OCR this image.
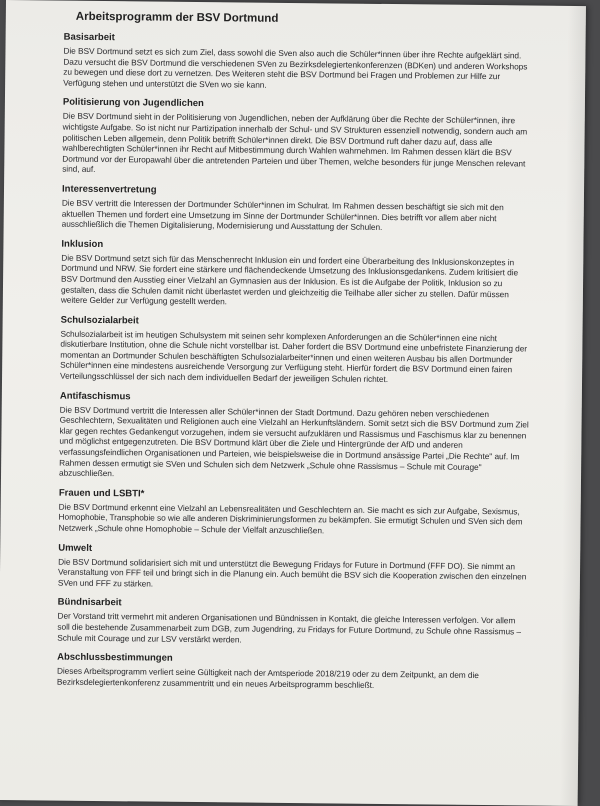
Arbeitsprogramm der BSV Dortmund
Basisarbeit

Die BSV Dortmund setzt es sich zum Ziel, dass sowohl die Sven also auch die Schüler*innen über ihre Rechte aufgeklärt sind. Dazu versucht die BSV Dortmund die verschiedenen SVen zu Bezirksdelegiertenkonferenzen (BDKen) und anderen Workshops zu bewegen und diese dort zu vernetzen. Des Weiteren steht die BSV Dortmund bei Fragen und Problemen zur Hilfe zur Verfügung stehen und unterstützt die SVen wo sie kann.

Politisierung von Jugendlichen

Die BSV Dortmund sieht in der Politisierung von Jugendlichen, neben der Aufklärung über die Rechte der Schüler*innen, ihre wichtigste Aufgabe. So ist nicht nur Partizipation innerhalb der Schul- und SV Strukturen essenziell notwendig, sondern auch am politischen Leben allgemein, denn Politik betrifft Schüler*innen direkt. Die BSV Dortmund ruft daher dazu auf, dass alle wahlberechtigten Schüler*innen ihr Recht auf Mitbestimmung durch Wahlen wahrnehmen. Im Rahmen dessen klärt die BSV Dortmund vor der Europawahl über die antretenden Parteien und über Themen, welche besonders für junge Menschen relevant sind, auf.

Interessenvertretung

Die BSV vertritt die Interessen der Dortmunder Schüler*innen im Schulrat. Im Rahmen dessen beschäftigt sie sich mit den aktuellen Themen und fordert eine Umsetzung im Sinne der Dortmunder Schüler*innen. Dies betrifft vor allem aber nicht ausschließlich die Themen Digitalisierung, Modernisierung und Ausstattung der Schulen.

Inklusion

Die BSV Dortmund setzt sich für das Menschenrecht Inklusion ein und fordert eine Überarbeitung des Inklusionskonzeptes in Dortmund und NRW. Sie fordert eine stärkere und flächendeckende Umsetzung des Inklusionsgedankens. Zudem kritisiert die BSV Dortmund den Ausstieg einer Vielzahl an Gymnasien aus der Inklusion. Es ist die Aufgabe der Politik, Inklusion so zu gestalten, dass die Schulen damit nicht überlastet werden und gleichzeitig die Teilhabe aller sicher zu stellen. Dafür müssen weitere Gelder zur Verfügung gestellt werden.

Schulsozialarbeit

Schulsozialarbeit ist im heutigen Schulsystem mit seinen sehr komplexen Anforderungen an die Schüler*innen eine nicht diskutierbare Institution, ohne die Schule nicht vorstellbar ist. Daher fordert die BSV Dortmund eine unbefristete Finanzierung der momentan an Dortmunder Schulen beschäftigten Schulsozialarbeiter*innen und einen weiteren Ausbau bis allen Dortmunder Schüler*innen eine mindestens ausreichende Versorgung zur Verfügung steht. Hierfür fordert die BSV Dortmund einen fairen Verteilungsschlüssel der sich nach dem individuellen Bedarf der jeweiligen Schulen richtet.

Antifaschismus

Die BSV Dortmund vertritt die Interessen aller Schüler*innen der Stadt Dortmund. Dazu gehören neben verschiedenen Geschlechtern, Sexualitäten und Religionen auch eine Vielzahl an Herkunftsländern. Somit setzt sich die BSV Dortmund zum Ziel klar gegen rechtes Gedankengut vorzugehen, indem sie versucht aufzuklären und Rassismus und Faschismus klar zu benennen und möglichst entgegenzutreten. Die BSV Dortmund klärt über die Ziele und Hintergründe der AfD und anderen verfassungsfeindlichen Organisationen und Parteien, wie beispielsweise die in Dortmund ansässige Partei „Die Rechte" auf. Im Rahmen dessen ermutigt sie SVen und Schulen sich dem Netzwerk „Schule ohne Rassismus – Schule mit Courage" abzuschließen.

Frauen und LSBTI*

Die BSV Dortmund erkennt eine Vielzahl an Lebensrealitäten und Geschlechtern an. Sie macht es sich zur Aufgabe, Sexismus, Homophobie, Transphobie so wie alle anderen Diskriminierungsformen zu bekämpfen. Sie ermutigt Schulen und SVen sich dem Netzwerk „Schule ohne Homophobie – Schule der Vielfalt anzuschließen.

Umwelt

Die BSV Dortmund solidarisiert sich mit und unterstützt die Bewegung Fridays for Future in Dortmund (FFF DO). Sie nimmt an Veranstaltung von FFF teil und bringt sich in die Planung ein. Auch bemüht die BSV sich die Kooperation zwischen den einzelnen SVen und FFF zu stärken.

Bündnisarbeit

Der Vorstand tritt vermehrt mit anderen Organisationen und Bündnissen in Kontakt, die gleiche Interessen verfolgen. Vor allem soll die bestehende Zusammenarbeit zum DGB, zum Jugendring, zu Fridays for Future Dortmund, zu Schule ohne Rassismus – Schule mit Courage und zur LSV verstärkt werden.

Abschlussbestimmungen

Dieses Arbeitsprogramm verliert seine Gültigkeit nach der Amtsperiode 2018/219 oder zu dem Zeitpunkt, an dem die Bezirksdelegiertenkonferenz zusammentritt und ein neues Arbeitsprogramm beschließt.
